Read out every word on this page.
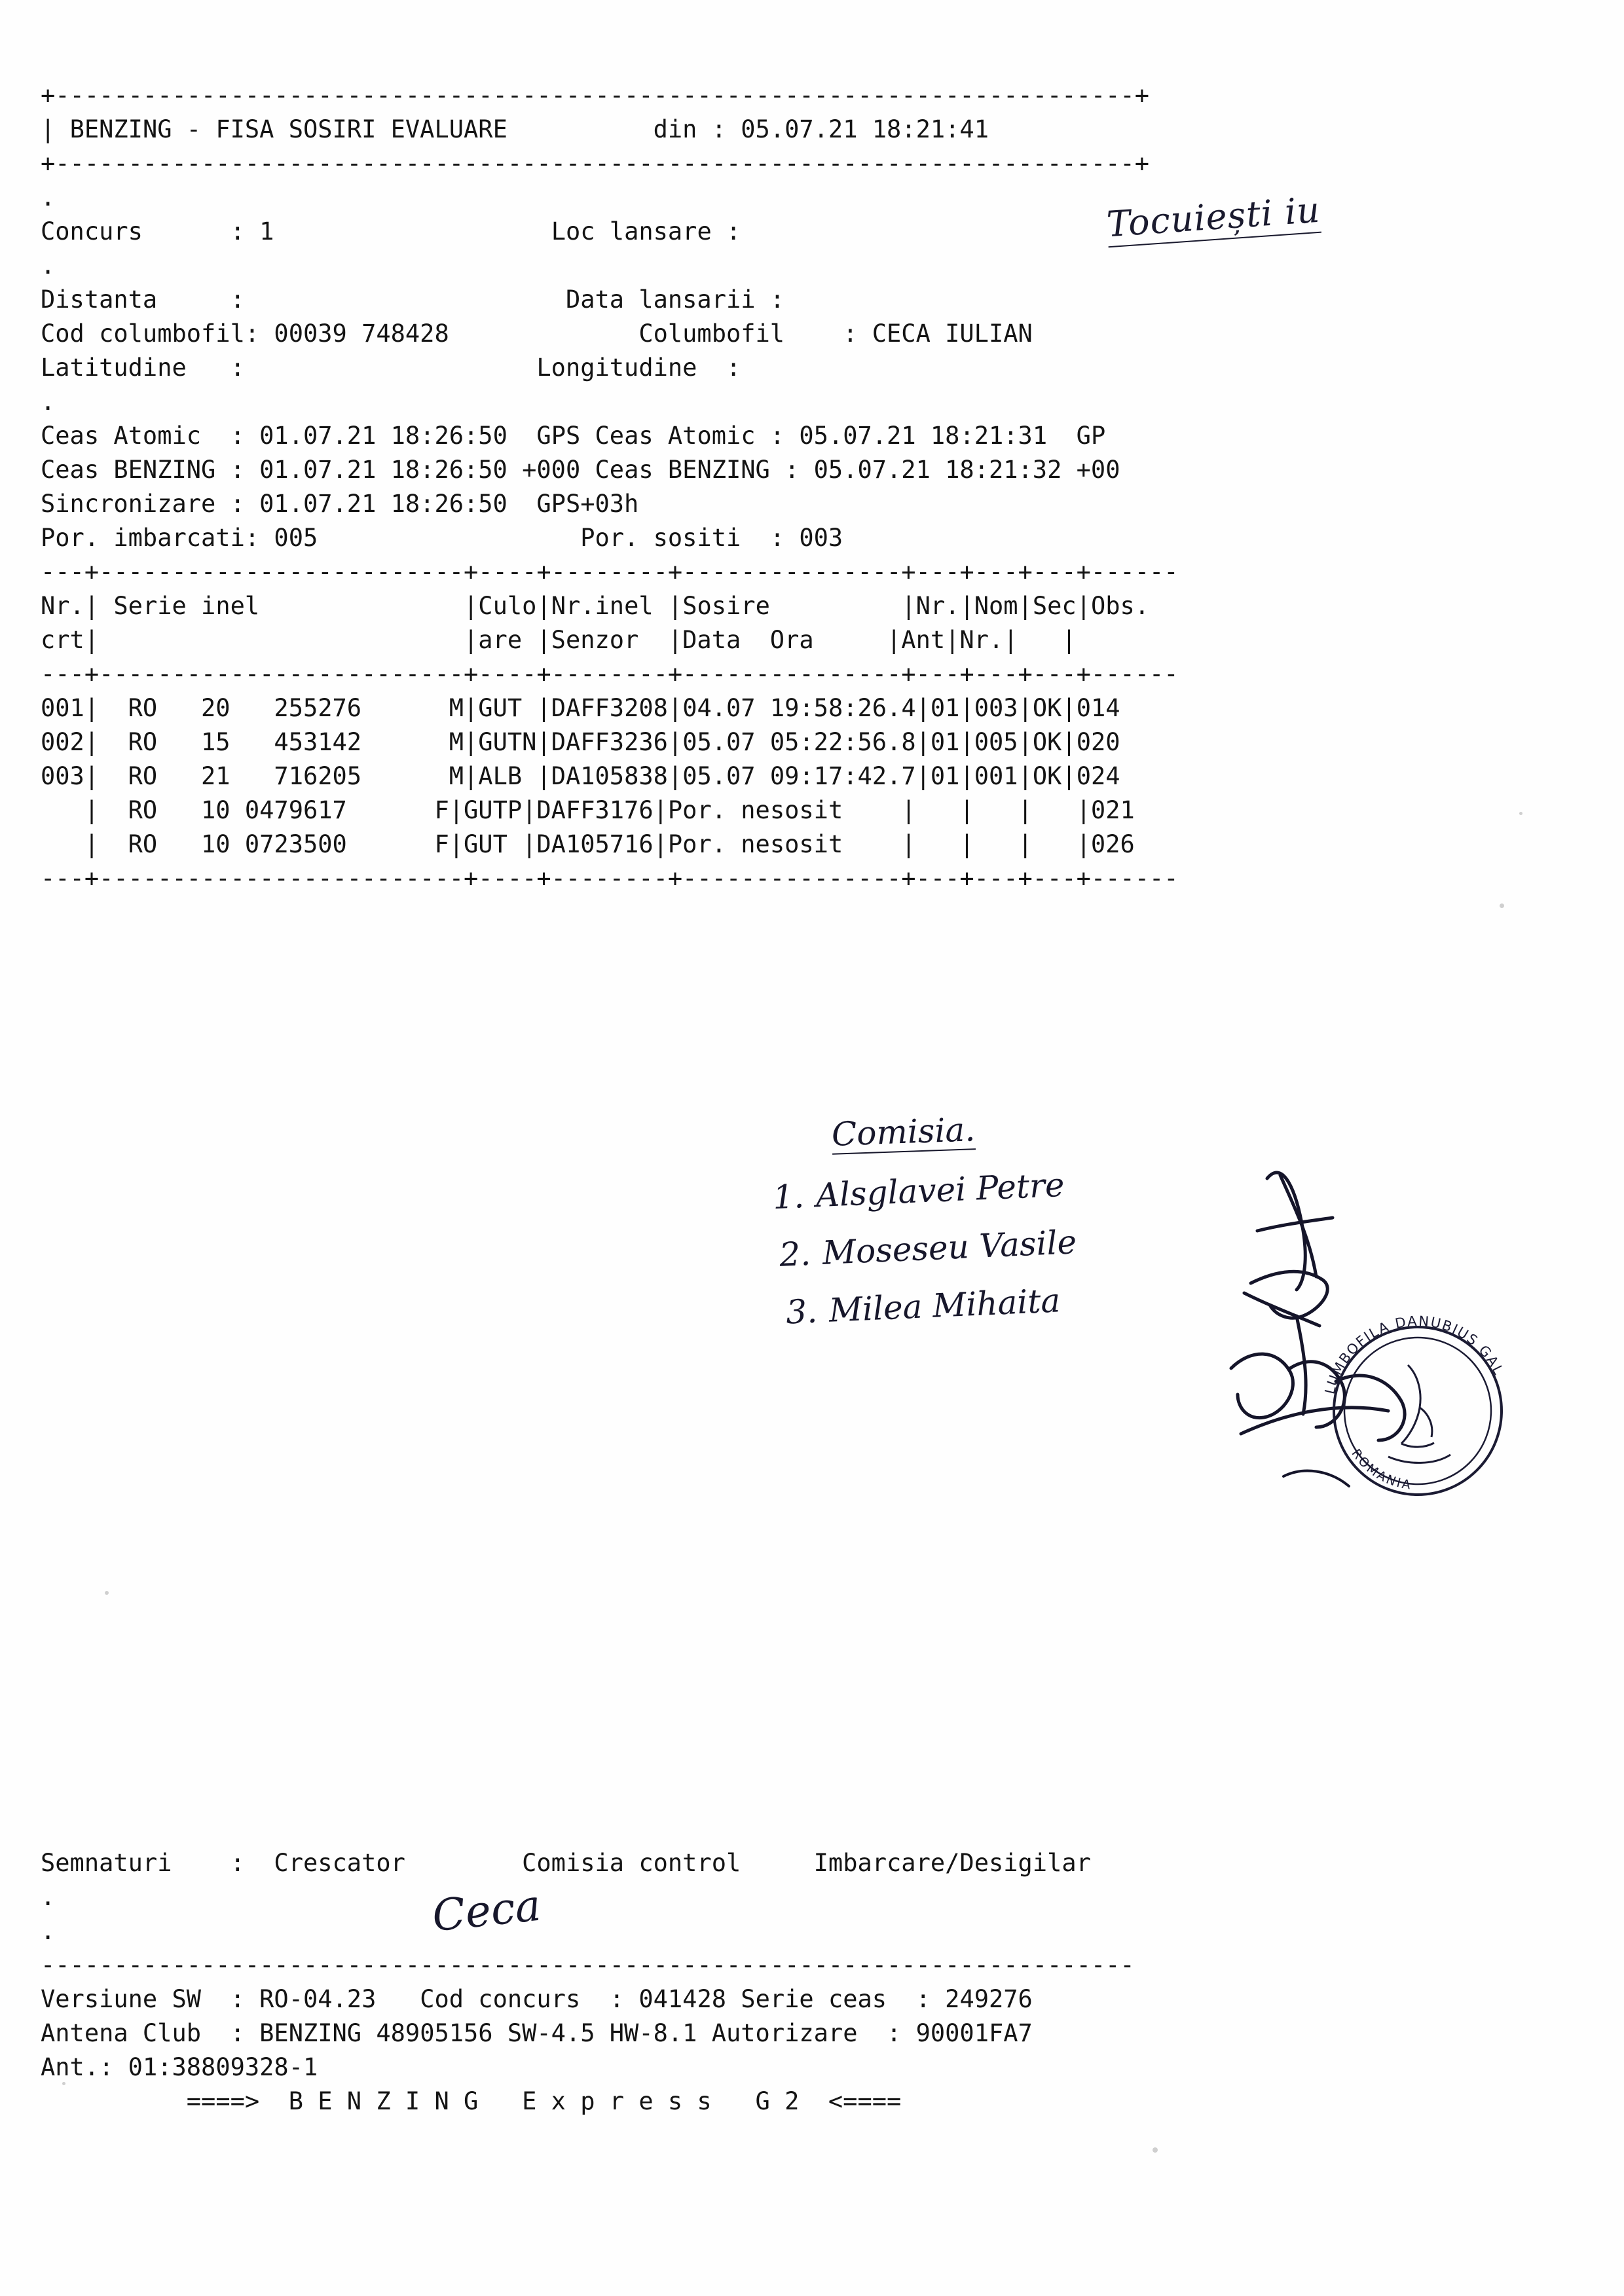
+--------------------------------------------------------------------------+
| BENZING - FISA SOSIRI EVALUARE	din : 05.07.21 18:21:41
+--------------------------------------------------------------------------+
.
Concurs      : 1	Loc lansare :
.
Distanta     :	Data lansarii :
Cod columbofil: 00039 748428	Columbofil    : CECA IULIAN
Latitudine   :	Longitudine  :
.
Ceas Atomic  : 01.07.21 18:26:50 GPS Ceas Atomic : 05.07.21 18:21:31 GP
Ceas BENZING : 01.07.21 18:26:50 +000 Ceas BENZING : 05.07.21 18:21:32 +00
Sincronizare : 01.07.21 18:26:50 GPS+03h
Por. imbarcati: 005	Por. sositi  : 003
---+-------------------------+----+--------+---------------+---+---+---+------
Nr.| Serie inel              |Culo|Nr.inel |Sosire         |Nr.|Nom|Sec|Obs.
crt|                         |are |Senzor  |Data  Ora     |Ant|Nr.|   |
---+-------------------------+----+--------+---------------+---+---+---+------
001|  RO   20   255276	M|GUT |DAFF3208|04.07 19:58:26.4|01|003|OK|014
002|  RO   15   453142	M|GUTN|DAFF3236|05.07 05:22:56.8|01|005|OK|020
003|  RO   21   716205	M|ALB |DA105838|05.07 09:17:42.7|01|001|OK|024
|  RO   10 0479617	F|GUTP|DAFF3176|Por. nesosit    |   |   |   |021
|  RO   10 0723500	F|GUT |DA105716|Por. nesosit    |   |   |   |026
---+-------------------------+----+--------+---------------+---+---+---+------
Tocuiești iu
Comisia.
1. Alsglavei Petre
2. Moseseu Vasile
3. Milea Mihaita
LUMBOFILA DANUBIUS GAL
ROMANIA
Ceca
Semnaturi    :  Crescator	Comisia control	Imbarcare/Desigilar
.
.
---------------------------------------------------------------------------
Versiune SW  : RO-04.23 Cod concurs  : 041428 Serie ceas  : 249276
Antena Club  : BENZING 48905156 SW-4.5 HW-8.1 Autorizare  : 90001FA7
Ant.: 01:38809328-1
====>  B E N Z I N G   E x p r e s s   G 2  <====
